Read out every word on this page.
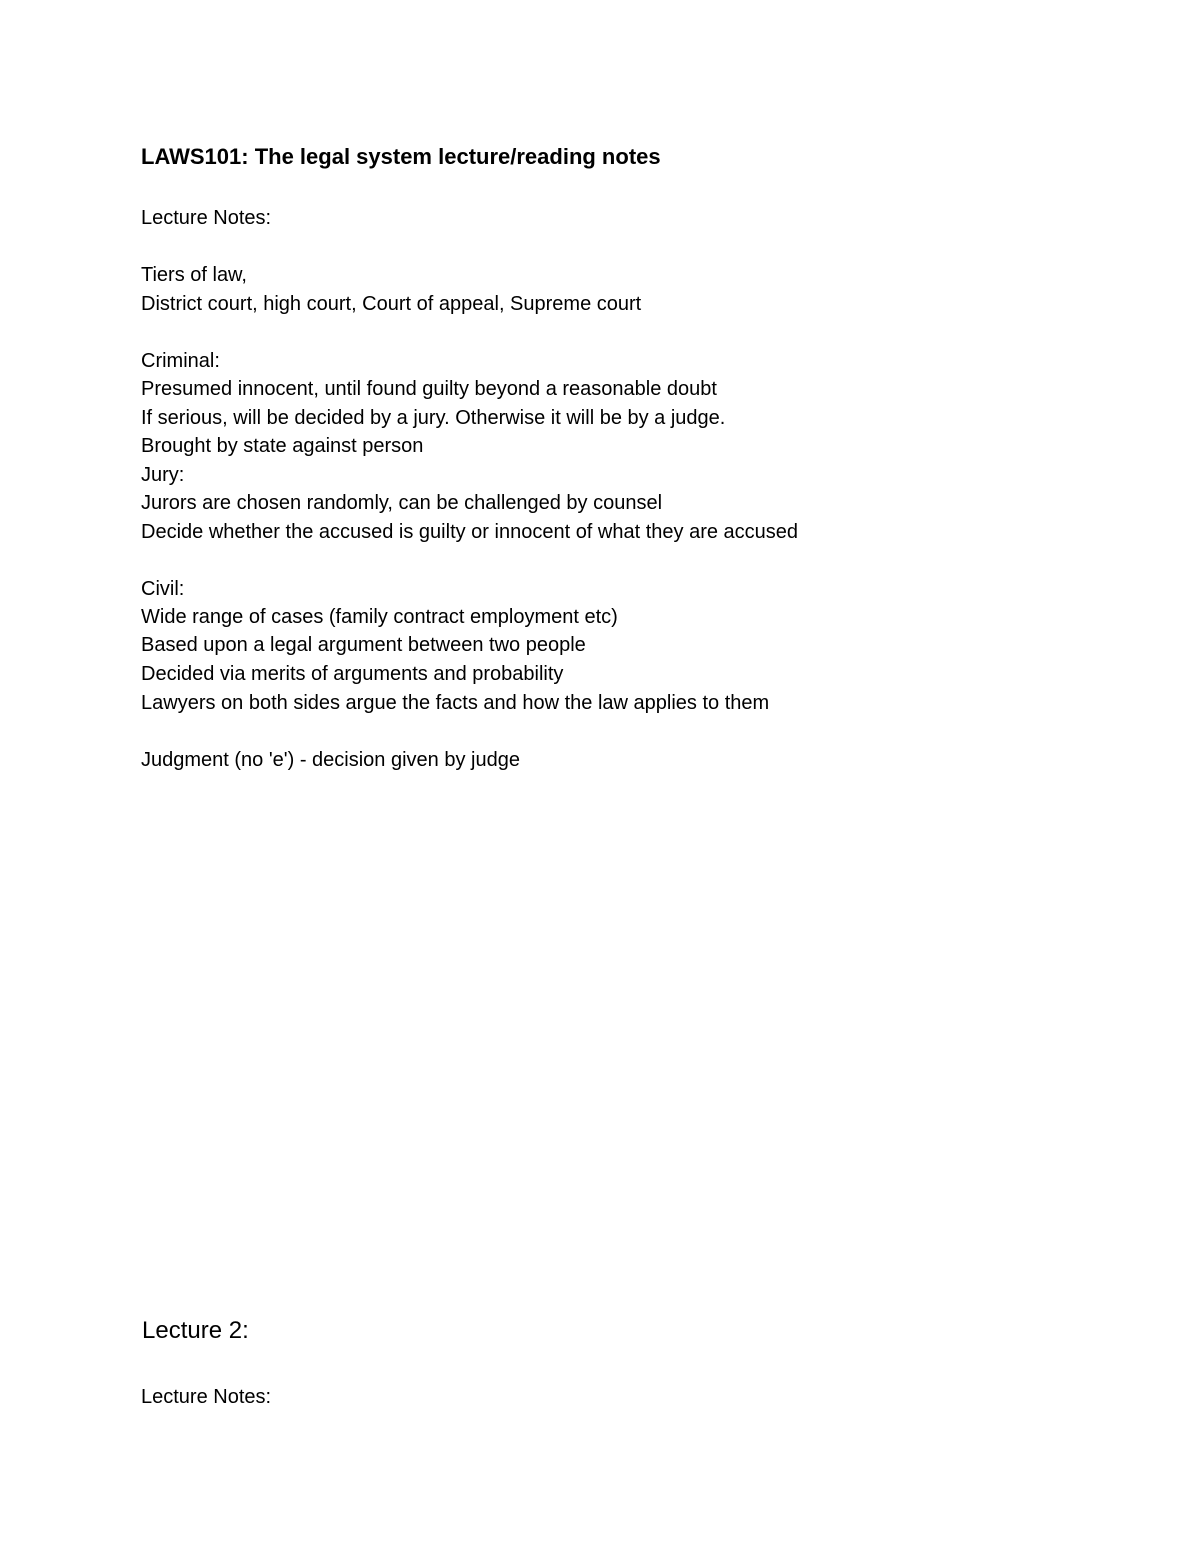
LAWS101: The legal system lecture/reading notes

Lecture Notes:

Tiers of law,

District court, high court, Court of appeal, Supreme court

Criminal:

Presumed innocent, until found guilty beyond a reasonable doubt

If serious, will be decided by a jury. Otherwise it will be by a judge.

Brought by state against person

Jury:

Jurors are chosen randomly, can be challenged by counsel

Decide whether the accused is guilty or innocent of what they are accused

Civil:

Wide range of cases (family contract employment etc)

Based upon a legal argument between two people

Decided via merits of arguments and probability

Lawyers on both sides argue the facts and how the law applies to them

Judgment (no 'e') - decision given by judge

Lecture 2:

Lecture Notes:
